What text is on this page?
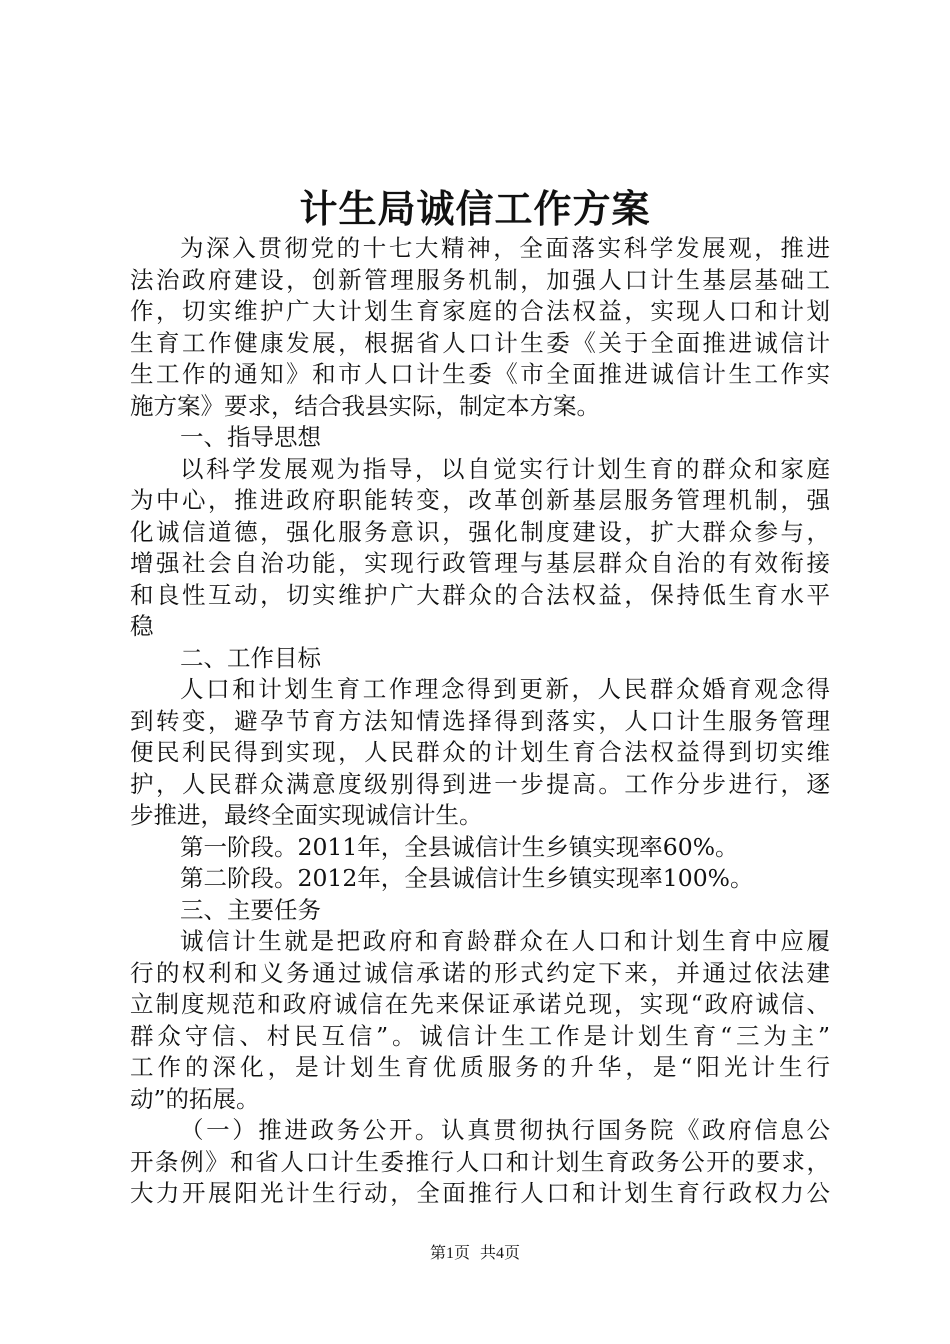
计生局诚信工作方案
为深入贯彻党的十七大精神，全面落实科学发展观，推进
法治政府建设，创新管理服务机制，加强人口计生基层基础工
作，切实维护广大计划生育家庭的合法权益，实现人口和计划
生育工作健康发展，根据省人口计生委《关于全面推进诚信计
生工作的通知》和市人口计生委《市全面推进诚信计生工作实
施方案》要求，结合我县实际，制定本方案。
一、指导思想
以科学发展观为指导，以自觉实行计划生育的群众和家庭
为中心，推进政府职能转变，改革创新基层服务管理机制，强
化诚信道德，强化服务意识，强化制度建设，扩大群众参与，
增强社会自治功能，实现行政管理与基层群众自治的有效衔接
和良性互动，切实维护广大群众的合法权益，保持低生育水平
稳
二、工作目标
人口和计划生育工作理念得到更新，人民群众婚育观念得
到转变，避孕节育方法知情选择得到落实，人口计生服务管理
便民利民得到实现，人民群众的计划生育合法权益得到切实维
护，人民群众满意度级别得到进一步提高。工作分步进行，逐
步推进，最终全面实现诚信计生。
第一阶段。2011年，全县诚信计生乡镇实现率60%。
第二阶段。2012年，全县诚信计生乡镇实现率100%。
三、主要任务
诚信计生就是把政府和育龄群众在人口和计划生育中应履
行的权利和义务通过诚信承诺的形式约定下来，并通过依法建
立制度规范和政府诚信在先来保证承诺兑现，实现“政府诚信、
群众守信、村民互信”。诚信计生工作是计划生育“三为主”
工作的深化，是计划生育优质服务的升华，是“阳光计生行
动”的拓展。
（一）推进政务公开。认真贯彻执行国务院《政府信息公
开条例》和省人口计生委推行人口和计划生育政务公开的要求，
大力开展阳光计生行动，全面推行人口和计划生育行政权力公
第1页 共4页
